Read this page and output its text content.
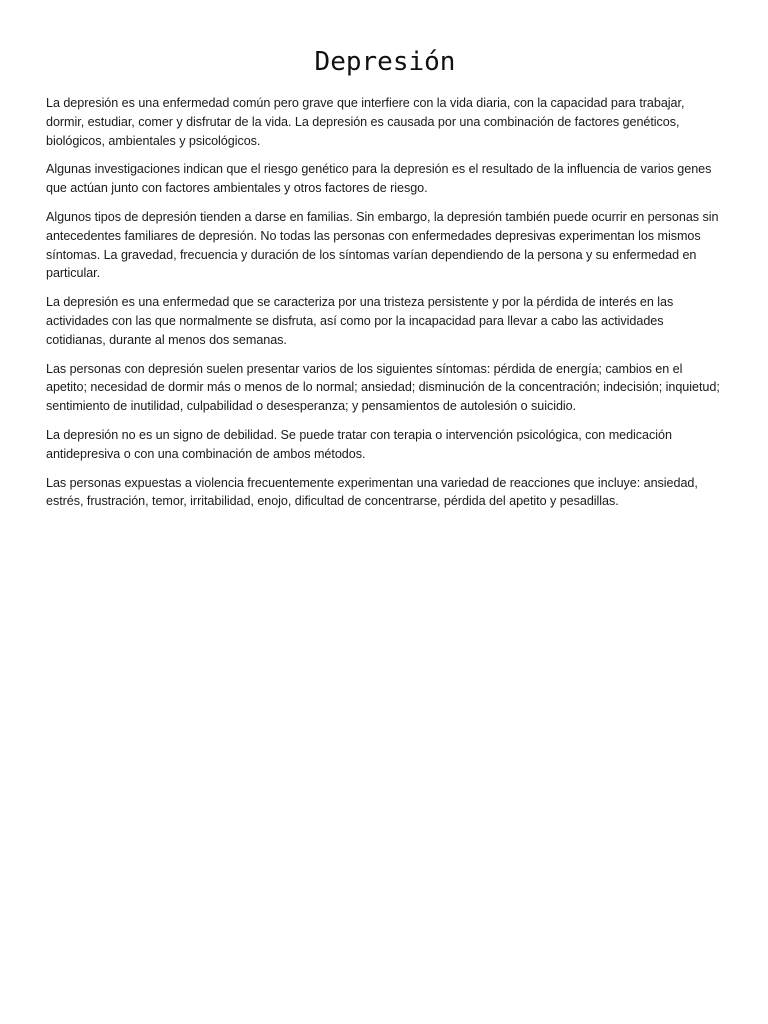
Depresión

La depresión es una enfermedad común pero grave que interfiere con la vida diaria, con la capacidad para trabajar, dormir, estudiar, comer y disfrutar de la vida. La depresión es causada por una combinación de factores genéticos, biológicos, ambientales y psicológicos.

Algunas investigaciones indican que el riesgo genético para la depresión es el resultado de la influencia de varios genes que actúan junto con factores ambientales y otros factores de riesgo.

Algunos tipos de depresión tienden a darse en familias. Sin embargo, la depresión también puede ocurrir en personas sin antecedentes familiares de depresión. No todas las personas con enfermedades depresivas experimentan los mismos síntomas. La gravedad, frecuencia y duración de los síntomas varían dependiendo de la persona y su enfermedad en particular.

La depresión es una enfermedad que se caracteriza por una tristeza persistente y por la pérdida de interés en las actividades con las que normalmente se disfruta, así como por la incapacidad para llevar a cabo las actividades cotidianas, durante al menos dos semanas.

Las personas con depresión suelen presentar varios de los siguientes síntomas: pérdida de energía; cambios en el apetito; necesidad de dormir más o menos de lo normal; ansiedad; disminución de la concentración; indecisión; inquietud; sentimiento de inutilidad, culpabilidad o desesperanza; y pensamientos de autolesión o suicidio.

La depresión no es un signo de debilidad. Se puede tratar con terapia o intervención psicológica, con medicación antidepresiva o con una combinación de ambos métodos.

Las personas expuestas a violencia frecuentemente experimentan una variedad de reacciones que incluye: ansiedad, estrés, frustración, temor, irritabilidad, enojo, dificultad de concentrarse, pérdida del apetito y pesadillas.
